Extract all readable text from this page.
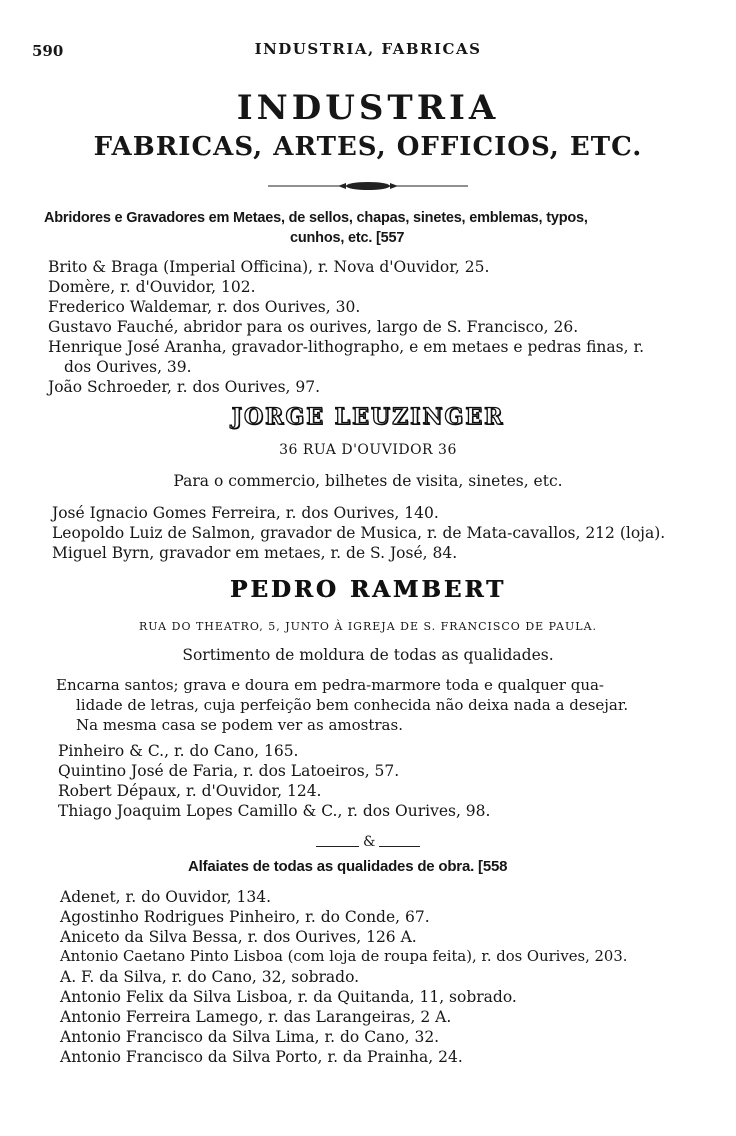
590	INDUSTRIA, FABRICAS
INDUSTRIA
FABRICAS, ARTES, OFFICIOS, ETC.
Abridores e Gravadores em Metaes, de sellos, chapas, sinetes, emblemas, typos,
cunhos, etc. [557
Brito & Braga (Imperial Officina), r. Nova d'Ouvidor, 25.
Domère, r. d'Ouvidor, 102.
Frederico Waldemar, r. dos Ourives, 30.
Gustavo Fauché, abridor para os ourives, largo de S. Francisco, 26.
Henrique José Aranha, gravador-lithographo, e em metaes e pedras finas, r.
dos Ourives, 39.
João Schroeder, r. dos Ourives, 97.
JORGE LEUZINGER
36 RUA D'OUVIDOR 36
Para o commercio, bilhetes de visita, sinetes, etc.
José Ignacio Gomes Ferreira, r. dos Ourives, 140.
Leopoldo Luiz de Salmon, gravador de Musica, r. de Mata-cavallos, 212 (loja).
Miguel Byrn, gravador em metaes, r. de S. José, 84.
PEDRO RAMBERT
RUA DO THEATRO, 5, JUNTO À IGREJA DE S. FRANCISCO DE PAULA.
Sortimento de moldura de todas as qualidades.
Encarna santos; grava e doura em pedra-marmore toda e qualquer qua-
lidade de letras, cuja perfeição bem conhecida não deixa nada a desejar.
Na mesma casa se podem ver as amostras.
Pinheiro & C., r. do Cano, 165.
Quintino José de Faria, r. dos Latoeiros, 57.
Robert Dépaux, r. d'Ouvidor, 124.
Thiago Joaquim Lopes Camillo & C., r. dos Ourives, 98.
&
Alfaiates de todas as qualidades de obra. [558
Adenet, r. do Ouvidor, 134.
Agostinho Rodrigues Pinheiro, r. do Conde, 67.
Aniceto da Silva Bessa, r. dos Ourives, 126 A.
Antonio Caetano Pinto Lisboa (com loja de roupa feita), r. dos Ourives, 203.
A. F. da Silva, r. do Cano, 32, sobrado.
Antonio Felix da Silva Lisboa, r. da Quitanda, 11, sobrado.
Antonio Ferreira Lamego, r. das Larangeiras, 2 A.
Antonio Francisco da Silva Lima, r. do Cano, 32.
Antonio Francisco da Silva Porto, r. da Prainha, 24.
